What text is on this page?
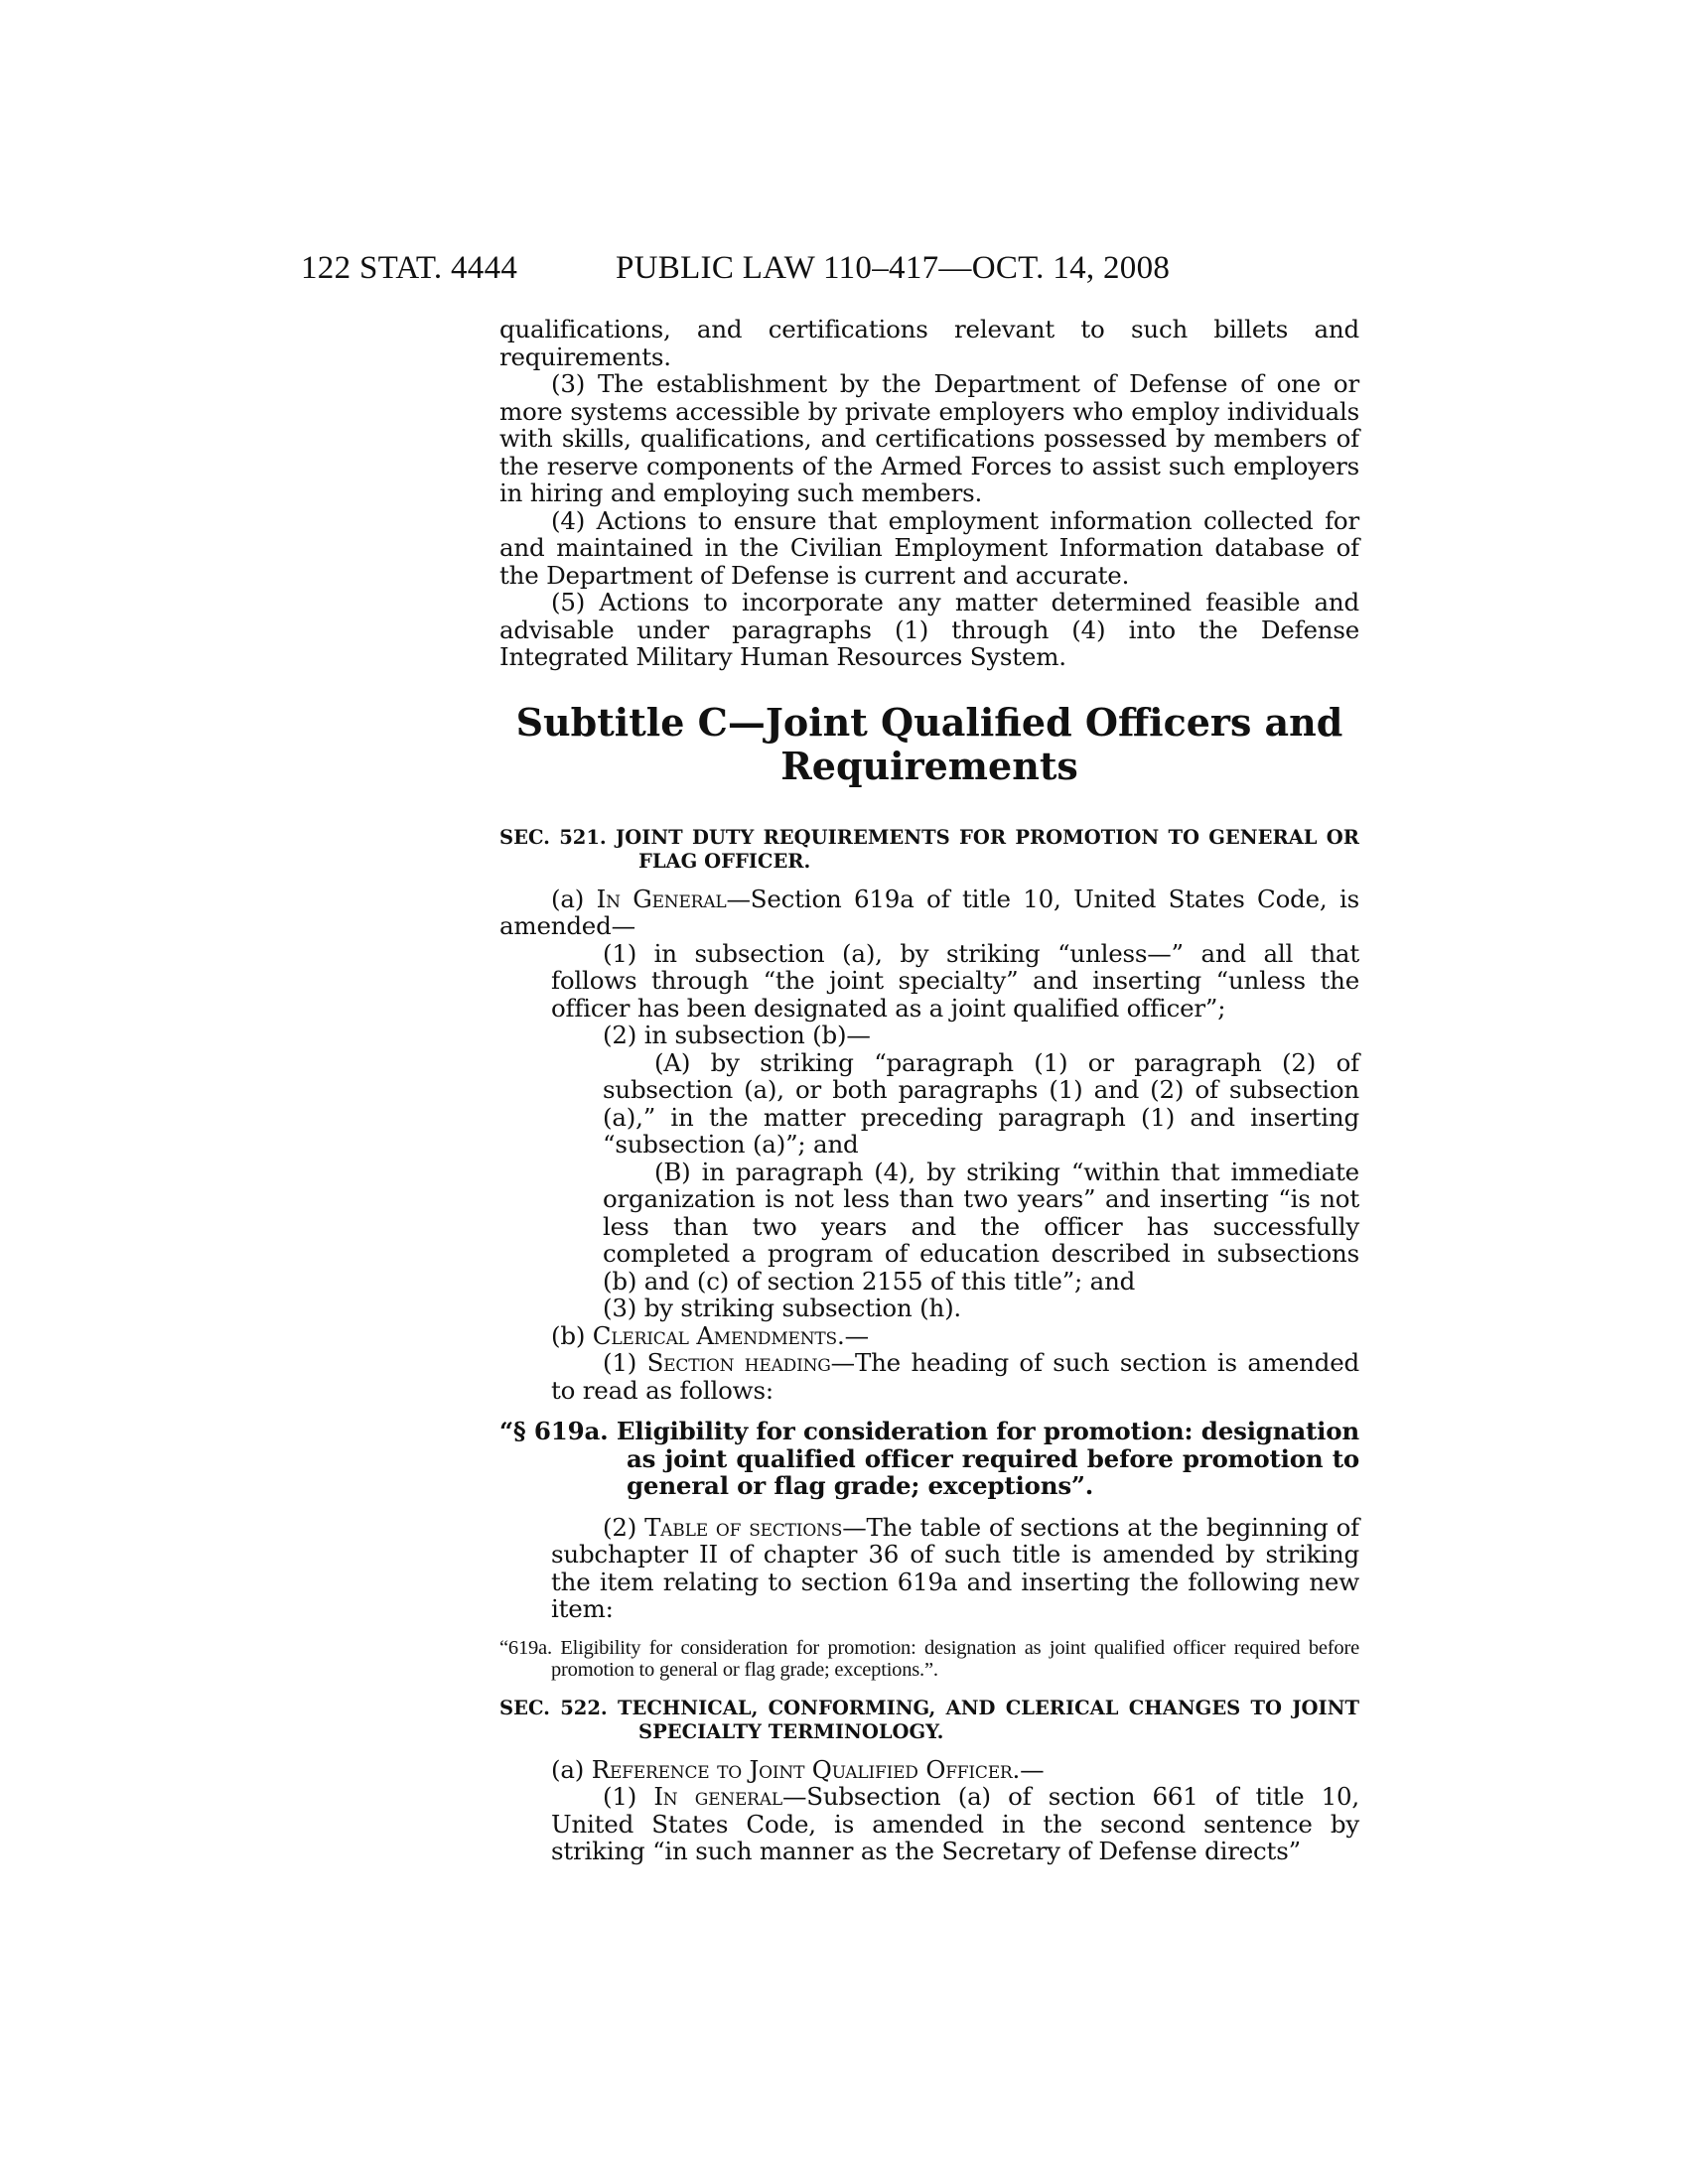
122 STAT. 4444	PUBLIC LAW 110–417—OCT. 14, 2008

qualifications, and certifications relevant to such billets and requirements.

(3) The establishment by the Department of Defense of one or more systems accessible by private employers who employ individuals with skills, qualifications, and certifications possessed by members of the reserve components of the Armed Forces to assist such employers in hiring and employing such members.

(4) Actions to ensure that employment information collected for and maintained in the Civilian Employment Information database of the Department of Defense is current and accurate.

(5) Actions to incorporate any matter determined feasible and advisable under paragraphs (1) through (4) into the Defense Integrated Military Human Resources System.

Subtitle C—Joint Qualified Officers and Requirements
SEC. 521. JOINT DUTY REQUIREMENTS FOR PROMOTION TO GENERAL OR FLAG OFFICER.

(a) In General—Section 619a of title 10, United States Code, is amended—

(1) in subsection (a), by striking “unless—” and all that follows through “the joint specialty” and inserting “unless the officer has been designated as a joint qualified officer”;

(2) in subsection (b)—

(A) by striking “paragraph (1) or paragraph (2) of subsection (a), or both paragraphs (1) and (2) of subsection (a),” in the matter preceding paragraph (1) and inserting “subsection (a)”; and

(B) in paragraph (4), by striking “within that immediate organization is not less than two years” and inserting “is not less than two years and the officer has successfully completed a program of education described in subsections (b) and (c) of section 2155 of this title”; and

(3) by striking subsection (h).

(b) Clerical Amendments.—

(1) Section heading—The heading of such section is amended to read as follows:

“§ 619a. Eligibility for consideration for promotion: designation as joint qualified officer required before promotion to general or flag grade; exceptions”.

(2) Table of sections—The table of sections at the beginning of subchapter II of chapter 36 of such title is amended by striking the item relating to section 619a and inserting the following new item:

“619a. Eligibility for consideration for promotion: designation as joint qualified officer required before promotion to general or flag grade; exceptions.”.
SEC. 522. TECHNICAL, CONFORMING, AND CLERICAL CHANGES TO JOINT SPECIALTY TERMINOLOGY.

(a) Reference to Joint Qualified Officer.—

(1) In general—Subsection (a) of section 661 of title 10, United States Code, is amended in the second sentence by striking “in such manner as the Secretary of Defense directs”
